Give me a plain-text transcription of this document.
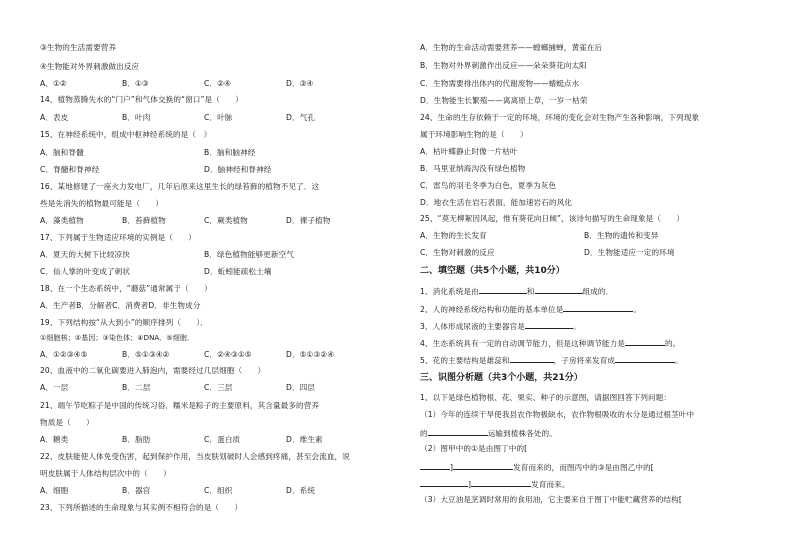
③生物的生活需要营养
④生物能对外界刺激做出反应
A．①②	B．①③	C．②④	D．③④
14、植物蒸腾失水的“门户”和气体交换的“窗口”是（　　）
A．表皮	B．叶肉	C．叶脉	D．气孔
15、在神经系统中，组成中枢神经系统的是（　）
A．脑和脊髓	B．脑和脑神经
C．脊髓和脊神经	D．脑神经和脊神经
16、某地修建了一座火力发电厂，几年后原来这里生长的绿苔藓的植物不见了．这
些是先消失的植物最可能是（　　）
A．藻类植物	B．苔藓植物	C．蕨类植物	D．裸子植物
17、下列属于生物适应环境的实例是（　　）
A．夏天的大树下比较凉快	B．绿色植物能够更新空气
C．仙人掌的叶变成了刺状	D．蚯蚓能疏松土壤
18、在一个生态系统中，“蘑菇”通常属于（　　）
A．生产者B．分解者C．消费者D．非生物成分
19、下列结构按“从大到小”的顺序排列（　　）．
①细胞核；②基因；③染色体；④DNA．⑤细胞．
A．①②③④⑤	B．⑤①③④②	C．②④③①⑤	D．⑤①③②④
20、血液中的二氧化碳要进入肺泡内，需要经过几层细胞（　　）
A．一层	B．二层	C．三层	D．四层
21、端午节吃粽子是中国的传统习俗．糯米是粽子的主要原料，其含量最多的营养
物质是（　　）
A．糖类	B．脂肪	C．蛋白质	D．维生素
22、皮肤能使人体免受伤害，起到保护作用，当皮肤划破时人会感到疼痛，甚至会流血，说
明皮肤属于人体结构层次中的（　　）
A．细胞	B．器官	C．组织	D．系统
23、下列所描述的生命现象与其实例不相符合的是（　　）
A．生物的生命活动需要营养——螳螂捕蝉，黄雀在后
B．生物对外界刺激作出反应——朵朵葵花向太阳
C．生物需要排出体内的代谢废物——蜻蜓点水
D．生物能生长繁殖——离离原上草，一岁一枯荣
24、生命的生存依赖于一定的环境，环境的变化会对生物产生各种影响，下列现象
属于环境影响生物的是（　　）
A．枯叶蝶静止时像一片枯叶
B．马里亚纳海沟没有绿色植物
C．雷鸟的羽毛冬季为白色，夏季为灰色
D．地衣生活在岩石表面，能加速岩石的风化
25、“莫无柳絮因风起，惟有葵花向日倾”，该诗句描写的生命现象是（　　）
A．生物的生长发育	B．生物的遗传和变异
C．生物对刺激的反应	D．生物能适应一定的环境
二、填空题（共5个小题，共10分）
1、消化系统是由	和	组成的．
2、人的神经系统结构和功能的基本单位是	。
3、人体形成尿液的主要器官是	。
4、生态系统具有一定的自动调节能力，但是这种调节能力是	的。
5、花的主要结构是雄蕊和	，子房将来发育成	。
三、识图分析题（共3个小题，共21分）
1、以下是绿色植物根、花、果实、种子的示意图，请据图回答下列问题：
（1）今年的连续干旱使我县农作物极缺水，农作物根吸收的水分是通过根茎叶中
的	运输到植株各处的。
（2）图甲中的①是由图丁中的[
]	发育而来的，而图丙中的③是由图乙中的[
]	发育而来。
（3）大豆油是烹调时常用的食用油，它主要来自于图丁中能贮藏营养的结构[
